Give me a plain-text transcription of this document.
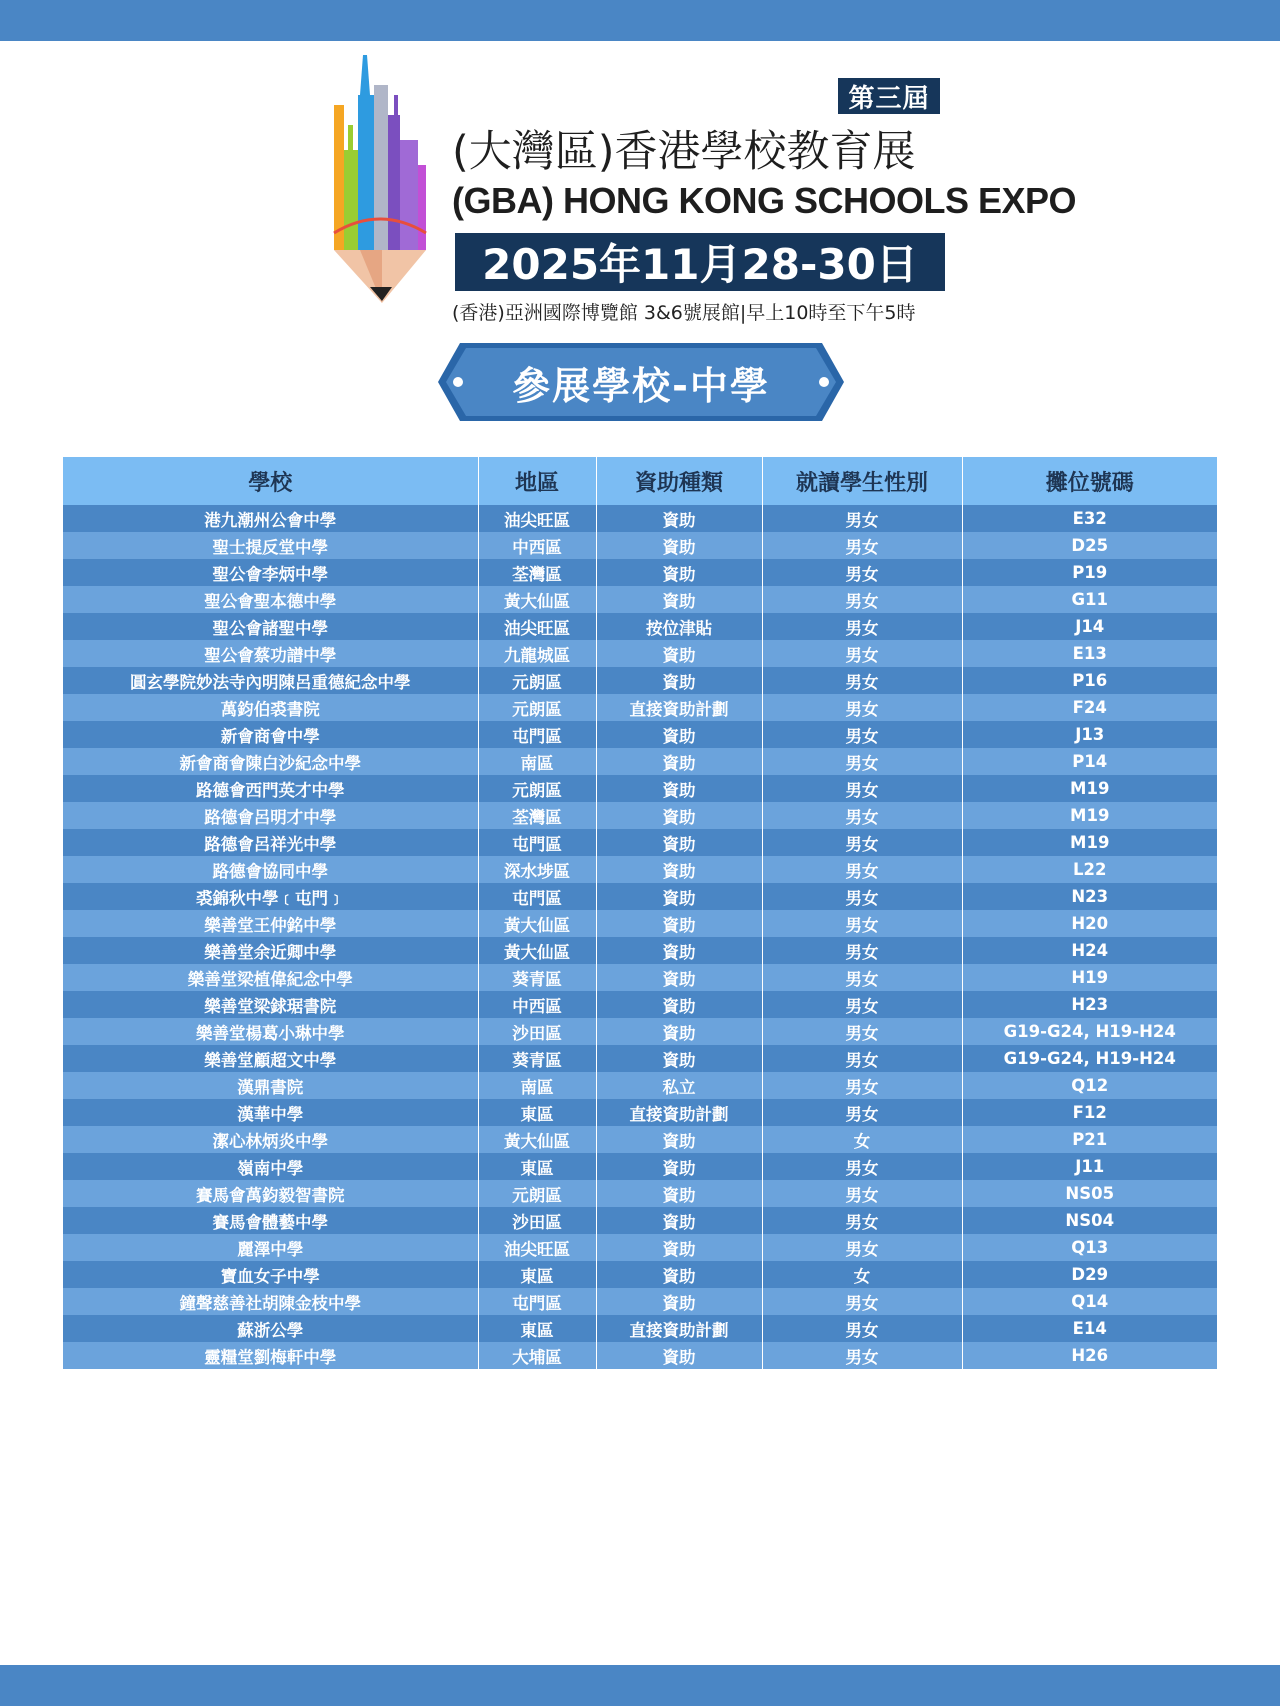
第三屆
(大灣區)香港學校教育展
(GBA) HONG KONG SCHOOLS EXPO
2025年11月28-30日
(香港)亞洲國際博覽館 3&6號展館|早上10時至下午5時
參展學校-中學
學校	地區	資助種類	就讀學生性別	攤位號碼
港九潮州公會中學	油尖旺區	資助	男女	E32
聖士提反堂中學	中西區	資助	男女	D25
聖公會李炳中學	荃灣區	資助	男女	P19
聖公會聖本德中學	黃大仙區	資助	男女	G11
聖公會諸聖中學	油尖旺區	按位津貼	男女	J14
聖公會蔡功譜中學	九龍城區	資助	男女	E13
圓玄學院妙法寺內明陳呂重德紀念中學	元朗區	資助	男女	P16
萬鈞伯裘書院	元朗區	直接資助計劃	男女	F24
新會商會中學	屯門區	資助	男女	J13
新會商會陳白沙紀念中學	南區	資助	男女	P14
路德會西門英才中學	元朗區	資助	男女	M19
路德會呂明才中學	荃灣區	資助	男女	M19
路德會呂祥光中學	屯門區	資助	男女	M19
路德會協同中學	深水埗區	資助	男女	L22
裘錦秋中學﹝屯門﹞	屯門區	資助	男女	N23
樂善堂王仲銘中學	黃大仙區	資助	男女	H20
樂善堂余近卿中學	黃大仙區	資助	男女	H24
樂善堂梁植偉紀念中學	葵青區	資助	男女	H19
樂善堂梁銶琚書院	中西區	資助	男女	H23
樂善堂楊葛小琳中學	沙田區	資助	男女	G19-G24, H19-H24
樂善堂顧超文中學	葵青區	資助	男女	G19-G24, H19-H24
漢鼎書院	南區	私立	男女	Q12
漢華中學	東區	直接資助計劃	男女	F12
潔心林炳炎中學	黃大仙區	資助	女	P21
嶺南中學	東區	資助	男女	J11
賽馬會萬鈞毅智書院	元朗區	資助	男女	NS05
賽馬會體藝中學	沙田區	資助	男女	NS04
麗澤中學	油尖旺區	資助	男女	Q13
寶血女子中學	東區	資助	女	D29
鐘聲慈善社胡陳金枝中學	屯門區	資助	男女	Q14
蘇浙公學	東區	直接資助計劃	男女	E14
靈糧堂劉梅軒中學	大埔區	資助	男女	H26
